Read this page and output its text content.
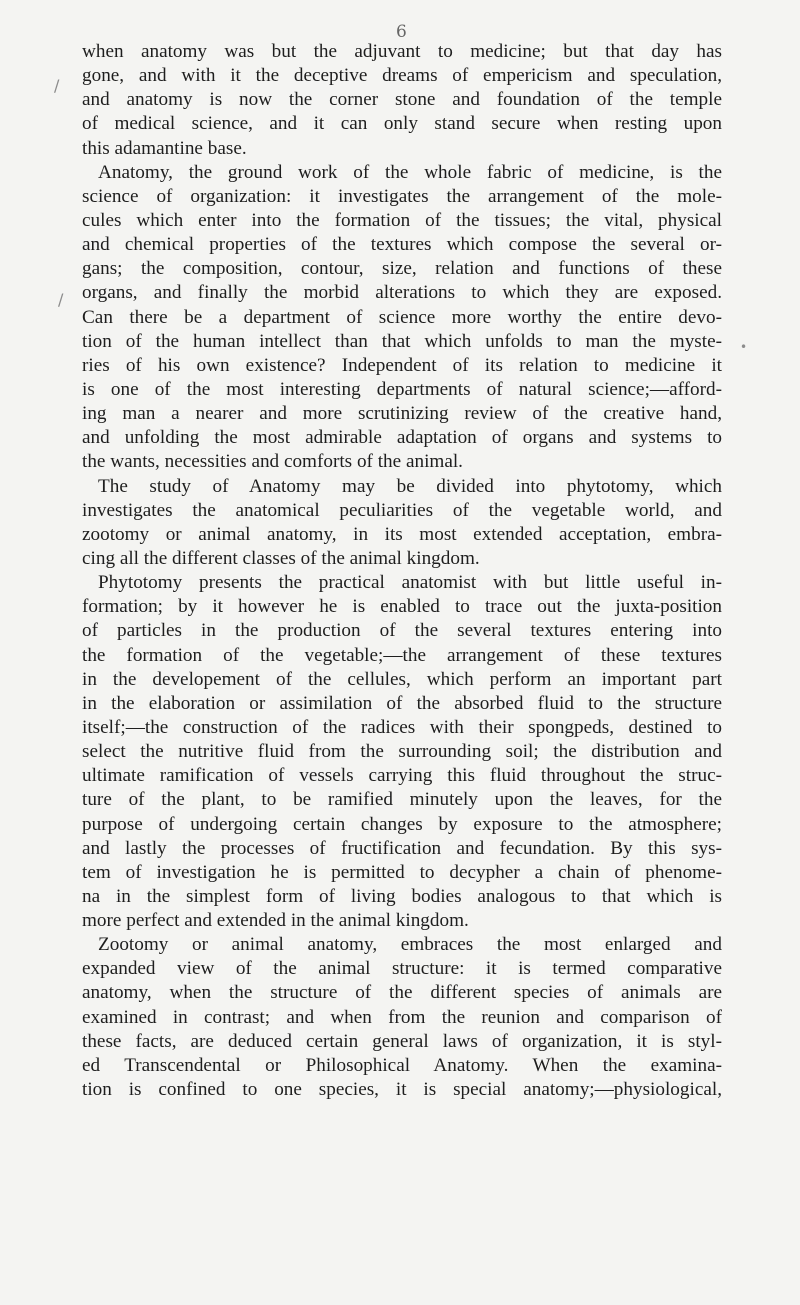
6
/
/
•
when anatomy was but the adjuvant to medicine; but that day has
gone, and with it the deceptive dreams of empericism and speculation,
and anatomy is now the corner stone and foundation of the temple
of medical science, and it can only stand secure when resting upon
this adamantine base.
Anatomy, the ground work of the whole fabric of medicine, is the
science of organization: it investigates the arrangement of the mole-
cules which enter into the formation of the tissues; the vital, physical
and chemical properties of the textures which compose the several or-
gans; the composition, contour, size, relation and functions of these
organs, and finally the morbid alterations to which they are exposed.
Can there be a department of science more worthy the entire devo-
tion of the human intellect than that which unfolds to man the myste-
ries of his own existence? Independent of its relation to medicine it
is one of the most interesting departments of natural science;—afford-
ing man a nearer and more scrutinizing review of the creative hand,
and unfolding the most admirable adaptation of organs and systems to
the wants, necessities and comforts of the animal.
The study of Anatomy may be divided into phytotomy, which
investigates the anatomical peculiarities of the vegetable world, and
zootomy or animal anatomy, in its most extended acceptation, embra-
cing all the different classes of the animal kingdom.
Phytotomy presents the practical anatomist with but little useful in-
formation; by it however he is enabled to trace out the juxta-position
of particles in the production of the several textures entering into
the formation of the vegetable;—the arrangement of these textures
in the developement of the cellules, which perform an important part
in the elaboration or assimilation of the absorbed fluid to the structure
itself;—the construction of the radices with their spongpeds, destined to
select the nutritive fluid from the surrounding soil; the distribution and
ultimate ramification of vessels carrying this fluid throughout the struc-
ture of the plant, to be ramified minutely upon the leaves, for the
purpose of undergoing certain changes by exposure to the atmosphere;
and lastly the processes of fructification and fecundation. By this sys-
tem of investigation he is permitted to decypher a chain of phenome-
na in the simplest form of living bodies analogous to that which is
more perfect and extended in the animal kingdom.
Zootomy or animal anatomy, embraces the most enlarged and
expanded view of the animal structure: it is termed comparative
anatomy, when the structure of the different species of animals are
examined in contrast; and when from the reunion and comparison of
these facts, are deduced certain general laws of organization, it is styl-
ed Transcendental or Philosophical Anatomy. When the examina-
tion is confined to one species, it is special anatomy;—physiological,
